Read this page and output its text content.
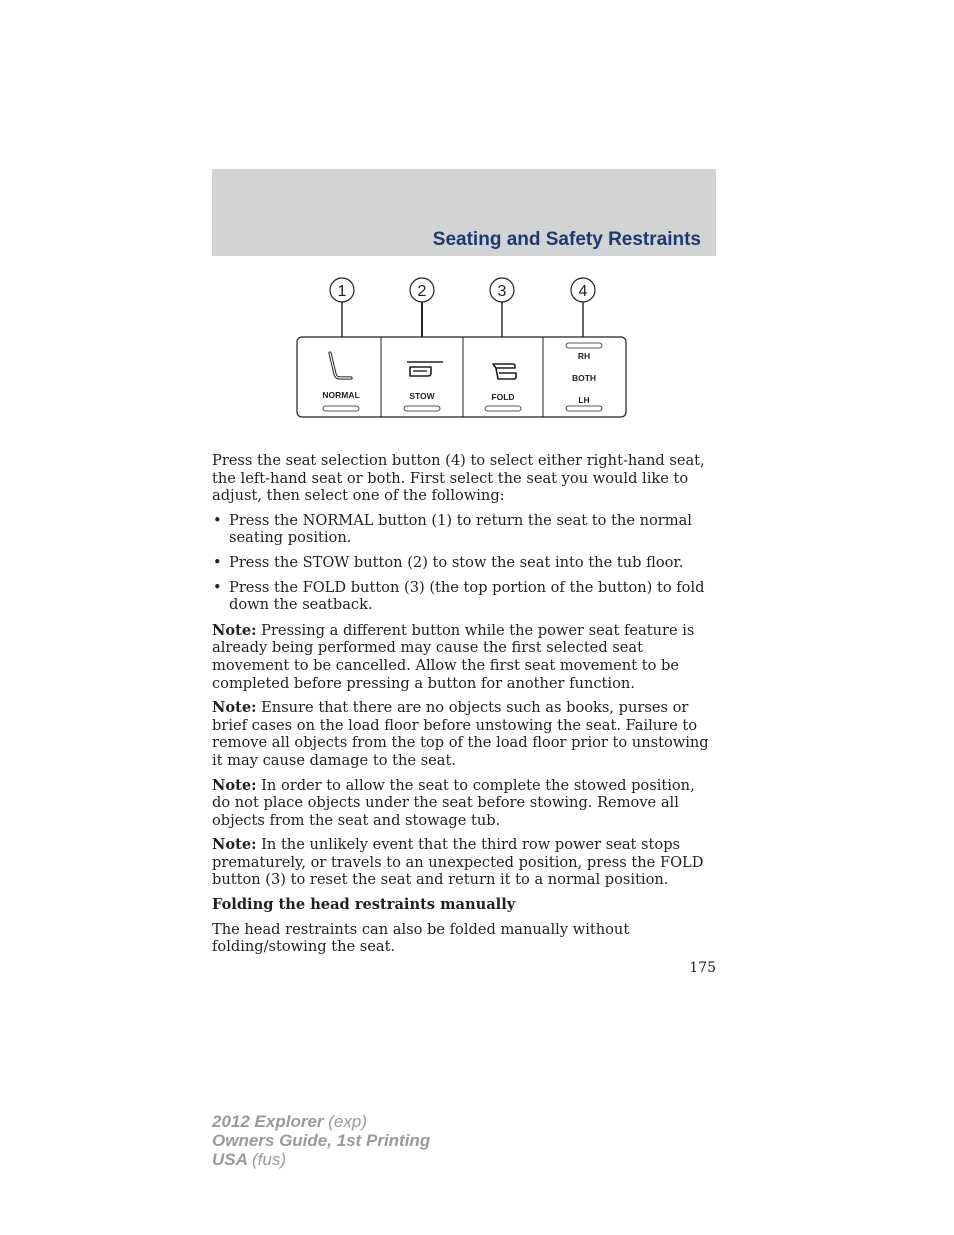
Seating and Safety Restraints
1	2	3	4
NORMAL	STOW	FOLD
RH
BOTH
LH

Press the seat selection button (4) to select either right-hand seat, the left-hand seat or both. First select the seat you would like to adjust, then select one of the following:

• Press the NORMAL button (1) to return the seat to the normal seating position.
• Press the STOW button (2) to stow the seat into the tub floor.
• Press the FOLD button (3) (the top portion of the button) to fold down the seatback.

Note: Pressing a different button while the power seat feature is already being performed may cause the first selected seat movement to be cancelled. Allow the first seat movement to be completed before pressing a button for another function.

Note: Ensure that there are no objects such as books, purses or brief cases on the load floor before unstowing the seat. Failure to remove all objects from the top of the load floor prior to unstowing it may cause damage to the seat.

Note: In order to allow the seat to complete the stowed position, do not place objects under the seat before stowing. Remove all objects from the seat and stowage tub.

Note: In the unlikely event that the third row power seat stops prematurely, or travels to an unexpected position, press the FOLD button (3) to reset the seat and return it to a normal position.

Folding the head restraints manually

The head restraints can also be folded manually without folding/stowing the seat.

175

2012 Explorer (exp)
Owners Guide, 1st Printing
USA (fus)
